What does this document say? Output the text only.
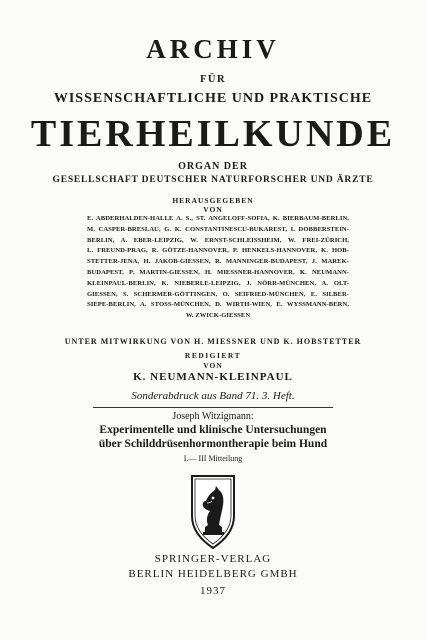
ARCHIV
FÜR
WISSENSCHAFTLICHE UND PRAKTISCHE
TIERHEILKUNDE
ORGAN DER
GESELLSCHAFT DEUTSCHER NATURFORSCHER UND ÄRZTE
HERAUSGEGEBEN
VON
E. ABDERHALDEN-HALLE A. S., ST. ANGELOFF-SOFIA, K. BIERBAUM-BERLIN,
M. CASPER-BRESLAU, G. K. CONSTANTINESCU-BUKAREST, I. DOBBERSTEIN-
BERLIN, A. EBER-LEIPZIG, W. ERNST-SCHLEISSHEIM, W. FREI-ZÜRICH,
L. FREUND-PRAG, R. GÖTZE-HANNOVER, P. HENKELS-HANNOVER, K. HOB-
STETTER-JENA, H. JAKOB-GIESSEN, R. MANNINGER-BUDAPEST, J. MAREK-
BUDAPEST, P. MARTIN-GIESSEN, H. MIESSNER-HANNOVER, K. NEUMANN-
KLEINPAUL-BERLIN, K. NIEBERLE-LEIPZIG, J. NÖRR-MÜNCHEN, A. OLT-
GIESSEN, S. SCHERMER-GÖTTINGEN, O. SEIFRIED-MÜNCHEN, E. SILBER-
SIEPE-BERLIN, A. STOSS-MÜNCHEN, D. WIRTH-WIEN, E. WYSSMANN-BERN,
W. ZWICK-GIESSEN
UNTER MITWIRKUNG VON H. MIESSNER UND K. HOBSTETTER
REDIGIERT
VON
K. NEUMANN-KLEINPAUL
Sonderabdruck aus Band 71. 3. Heft.
Joseph Witzigmann:
Experimentelle und klinische Untersuchungen
über Schilddrüsenhormontherapie beim Hund
I.— III Mitteilung
SPRINGER-VERLAG
BERLIN HEIDELBERG GMBH
1937
